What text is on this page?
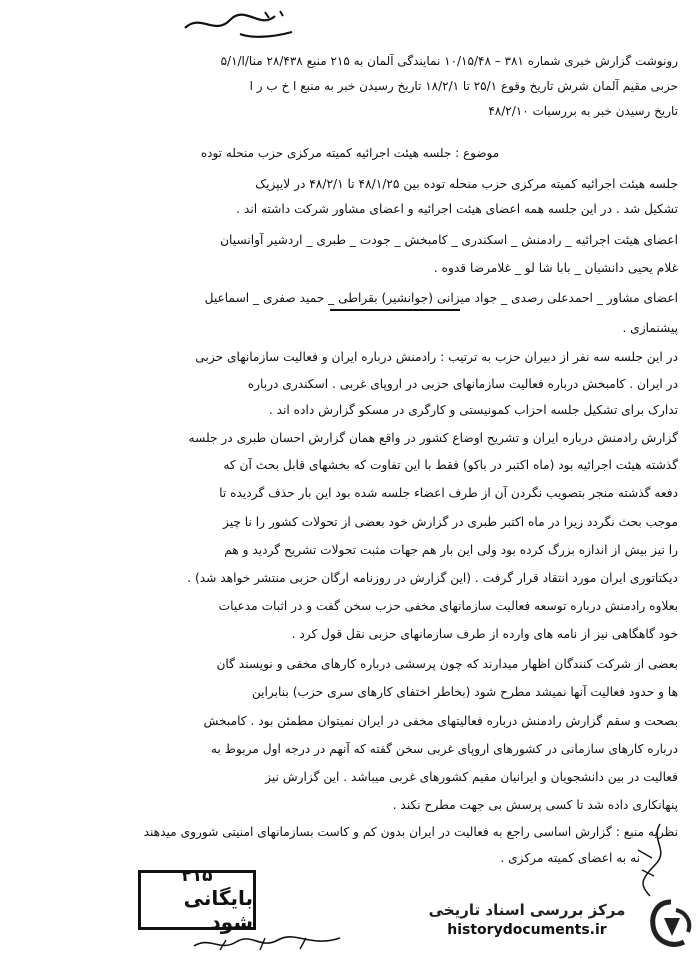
رونوشت گزارش خبری شماره ۳۸۱ – ۱۰/۱۵/۴۸ نمایندگی آلمان به ۲۱۵ منبع ۲۸/۴۳۸ منا/ا/۵/۱
حزبی مقیم آلمان شرش تاریخ وقوع ۲۵/۱ تا ۱۸/۲/۱ تاریخ رسیدن خبر به منبع ا خ ب ر ا
تاریخ رسیدن خبر به بررسیات ۴۸/۲/۱۰
موضوع : جلسه هیئت اجرائیه کمیته مرکزی حزب منحله توده
جلسه هیئت اجرائیه کمیته مرکزی حزب منحله توده بین ۴۸/۱/۲۵ تا ۴۸/۲/۱ در لایپزیک
تشکیل شد . در این جلسه همه اعضای هیئت اجرائیه و اعضای مشاور شرکت داشته اند .
اعضای هیئت اجرائیه _ رادمنش _ اسکندری _ کامبخش _ جودت _ طبری _ اردشیر آوانسیان
غلام یحیی دانشیان _ بابا شا لو _ غلامرضا قدوه .
اعضای مشاور _ احمدعلی رصدی _ جواد میزانی (جوانشیر) بقراطی _ حمید صفری _ اسماعیل
پیشنمازی .
در این جلسه سه نفر از دبیران حزب به ترتیب : رادمنش درباره ایران و فعالیت سازمانهای حزبی
در ایران . کامبخش درباره فعالیت سازمانهای حزبی در اروپای غربی . اسکندری درباره
تدارک برای تشکیل جلسه احزاب کمونیستی و کارگری در مسکو گزارش داده اند .
گزارش رادمنش درباره ایران و تشریح اوضاع کشور در واقع همان گزارش احسان طبری در جلسه
گذشته هیئت اجرائیه بود (ماه اکتبر در باکو) فقط با این تفاوت که بخشهای قابل بحث آن که
دفعه گذشته منجر بتصویب نگردن آن از طرف اعضاء جلسه شده بود این بار حذف گردیده تا
موجب بحث نگردد زیرا در ماه اکتبر طبری در گزارش خود بعضی از تحولات کشور را نا چیز
را نیز بیش از اندازه بزرگ کرده بود ولی این بار هم جهات مثبت تحولات تشریح گردید و هم
دیکتاتوری ایران مورد انتقاد قرار گرفت . (این گزارش در روزنامه ارگان حزبی منتشر خواهد شد) .
بعلاوه رادمنش درباره توسعه فعالیت سازمانهای مخفی حزب سخن گفت و در اثبات مدعیات
خود گاهگاهی نیز از نامه های وارده از طرف سازمانهای حزبی نقل قول کرد .
بعضی از شرکت کنندگان اظهار میدارند که چون پرسشی درباره کارهای مخفی و نویسند گان
ها و حدود فعالیت آنها نمیشد مطرح شود (بخاطر اختفای کارهای سری حزب) بنابراین
بصحت و سقم گزارش رادمنش درباره فعالیتهای مخفی در ایران نمیتوان مطمئن بود . کامبخش
درباره کارهای سازمانی در کشورهای اروپای غربی سخن گفته که آنهم در درجه اول مربوط به
فعالیت در بین دانشجویان و ایرانیان مقیم کشورهای غربی میباشد . این گزارش نیز
پنهانکاری داده شد تا کسی پرسش بی جهت مطرح نکند .
نظریه منبع : گزارش اساسی راجع به فعالیت در ایران بدون کم و کاست بسازمانهای امنیتی شوروی میدهند
نه به اعضای کمیته مرکزی .
۲۱۵
بایگانی شود	مرکز بررسی اسناد تاریخی
historydocuments.ir
